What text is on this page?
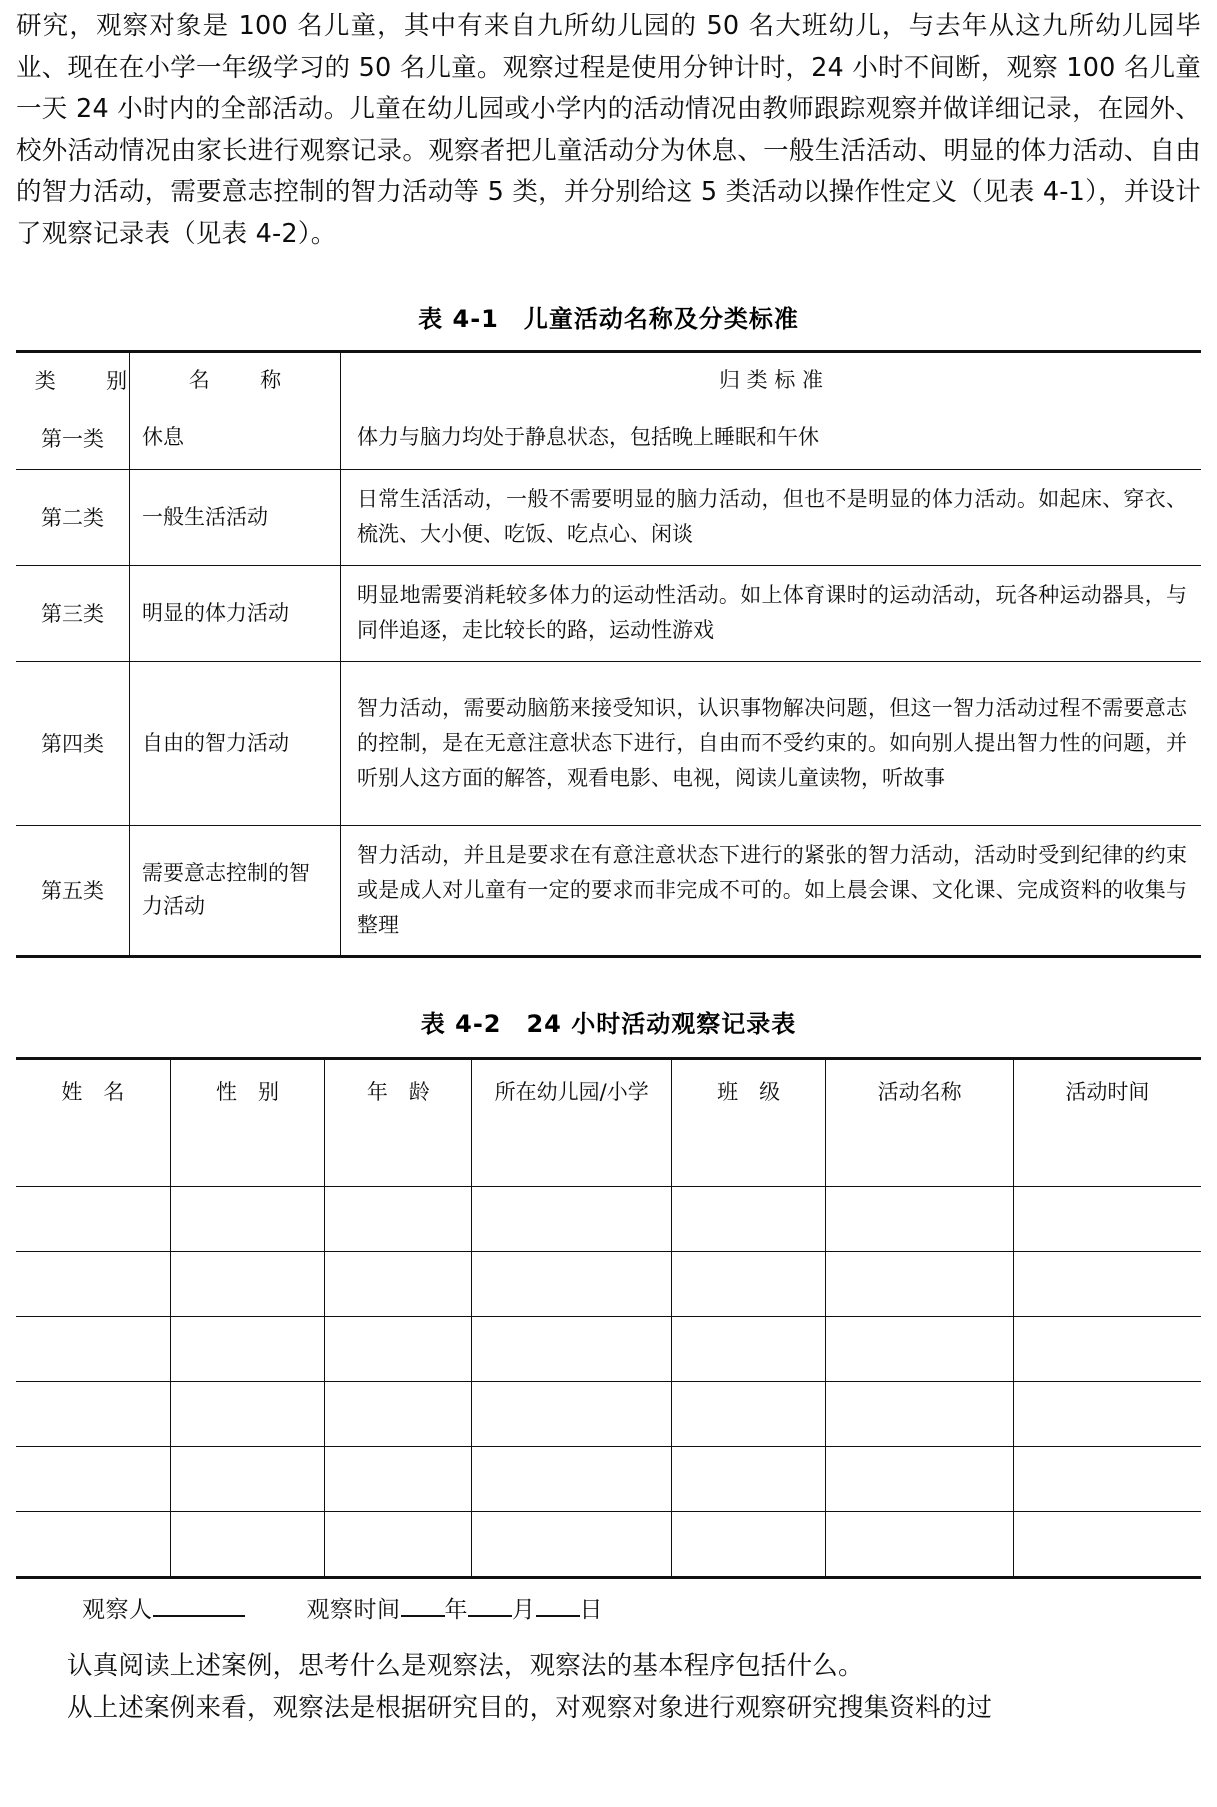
研究，观察对象是 100 名儿童，其中有来自九所幼儿园的 50 名大班幼儿，与去年从这九所幼儿园毕业、现在在小学一年级学习的 50 名儿童。观察过程是使用分钟计时，24 小时不间断，观察 100 名儿童一天 24 小时内的全部活动。儿童在幼儿园或小学内的活动情况由教师跟踪观察并做详细记录，在园外、校外活动情况由家长进行观察记录。观察者把儿童活动分为休息、一般生活活动、明显的体力活动、自由的智力活动，需要意志控制的智力活动等 5 类，并分别给这 5 类活动以操作性定义（见表 4-1），并设计了观察记录表（见表 4-2）。

表 4-1　儿童活动名称及分类标准

类　别	名　称	归 类 标 准
第一类	休息	体力与脑力均处于静息状态，包括晚上睡眠和午休
第二类	一般生活活动	日常生活活动，一般不需要明显的脑力活动，但也不是明显的体力活动。如起床、穿衣、梳洗、大小便、吃饭、吃点心、闲谈
第三类	明显的体力活动	明显地需要消耗较多体力的运动性活动。如上体育课时的运动活动，玩各种运动器具，与同伴追逐，走比较长的路，运动性游戏
第四类	自由的智力活动	智力活动，需要动脑筋来接受知识，认识事物解决问题，但这一智力活动过程不需要意志的控制，是在无意注意状态下进行，自由而不受约束的。如向别人提出智力性的问题，并听别人这方面的解答，观看电影、电视，阅读儿童读物，听故事
第五类	需要意志控制的智力活动	智力活动，并且是要求在有意注意状态下进行的紧张的智力活动，活动时受到纪律的约束或是成人对儿童有一定的要求而非完成不可的。如上晨会课、文化课、完成资料的收集与整理

表 4-2　24 小时活动观察记录表

姓　名	性　别	年　龄	所在幼儿园/小学	班　级	活动名称	活动时间

观察人	观察时间 年 月 日

认真阅读上述案例，思考什么是观察法，观察法的基本程序包括什么。

从上述案例来看，观察法是根据研究目的，对观察对象进行观察研究搜集资料的过
